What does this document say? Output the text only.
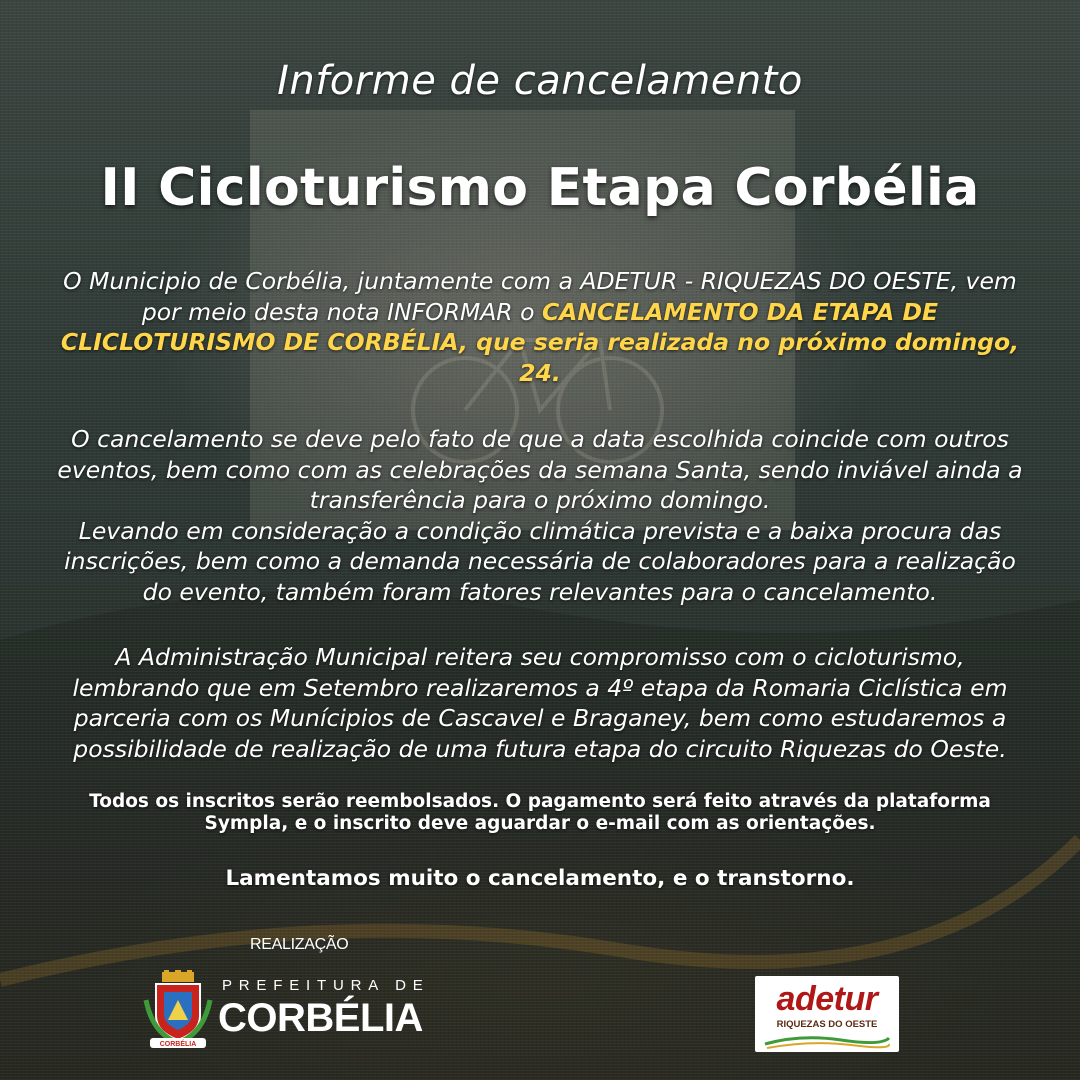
Informe de cancelamento
II Cicloturismo Etapa Corbélia
O Municipio de Corbélia, juntamente com a ADETUR - RIQUEZAS DO OESTE, vem por meio desta nota INFORMAR o CANCELAMENTO DA ETAPA DE CLICLOTURISMO DE CORBÉLIA, que seria realizada no próximo domingo, 24.
O cancelamento se deve pelo fato de que a data escolhida coincide com outros eventos, bem como com as celebrações da semana Santa, sendo inviável ainda a transferência para o próximo domingo.
Levando em consideração a condição climática prevista e a baixa procura das inscrições, bem como a demanda necessária de colaboradores para a realização do evento, também foram fatores relevantes para o cancelamento.
A Administração Municipal reitera seu compromisso com o cicloturismo, lembrando que em Setembro realizaremos a 4º etapa da Romaria Ciclística em parceria com os Munícipios de Cascavel e Braganey, bem como estudaremos a possibilidade de realização de uma futura etapa do circuito Riquezas do Oeste.
Todos os inscritos serão reembolsados. O pagamento será feito através da plataforma Sympla, e o inscrito deve aguardar o e-mail com as orientações.
Lamentamos muito o cancelamento, e o transtorno.
REALIZAÇÃO
CORBÉLIA
PREFEITURA DE
CORBÉLIA	adetur
RIQUEZAS DO OESTE
